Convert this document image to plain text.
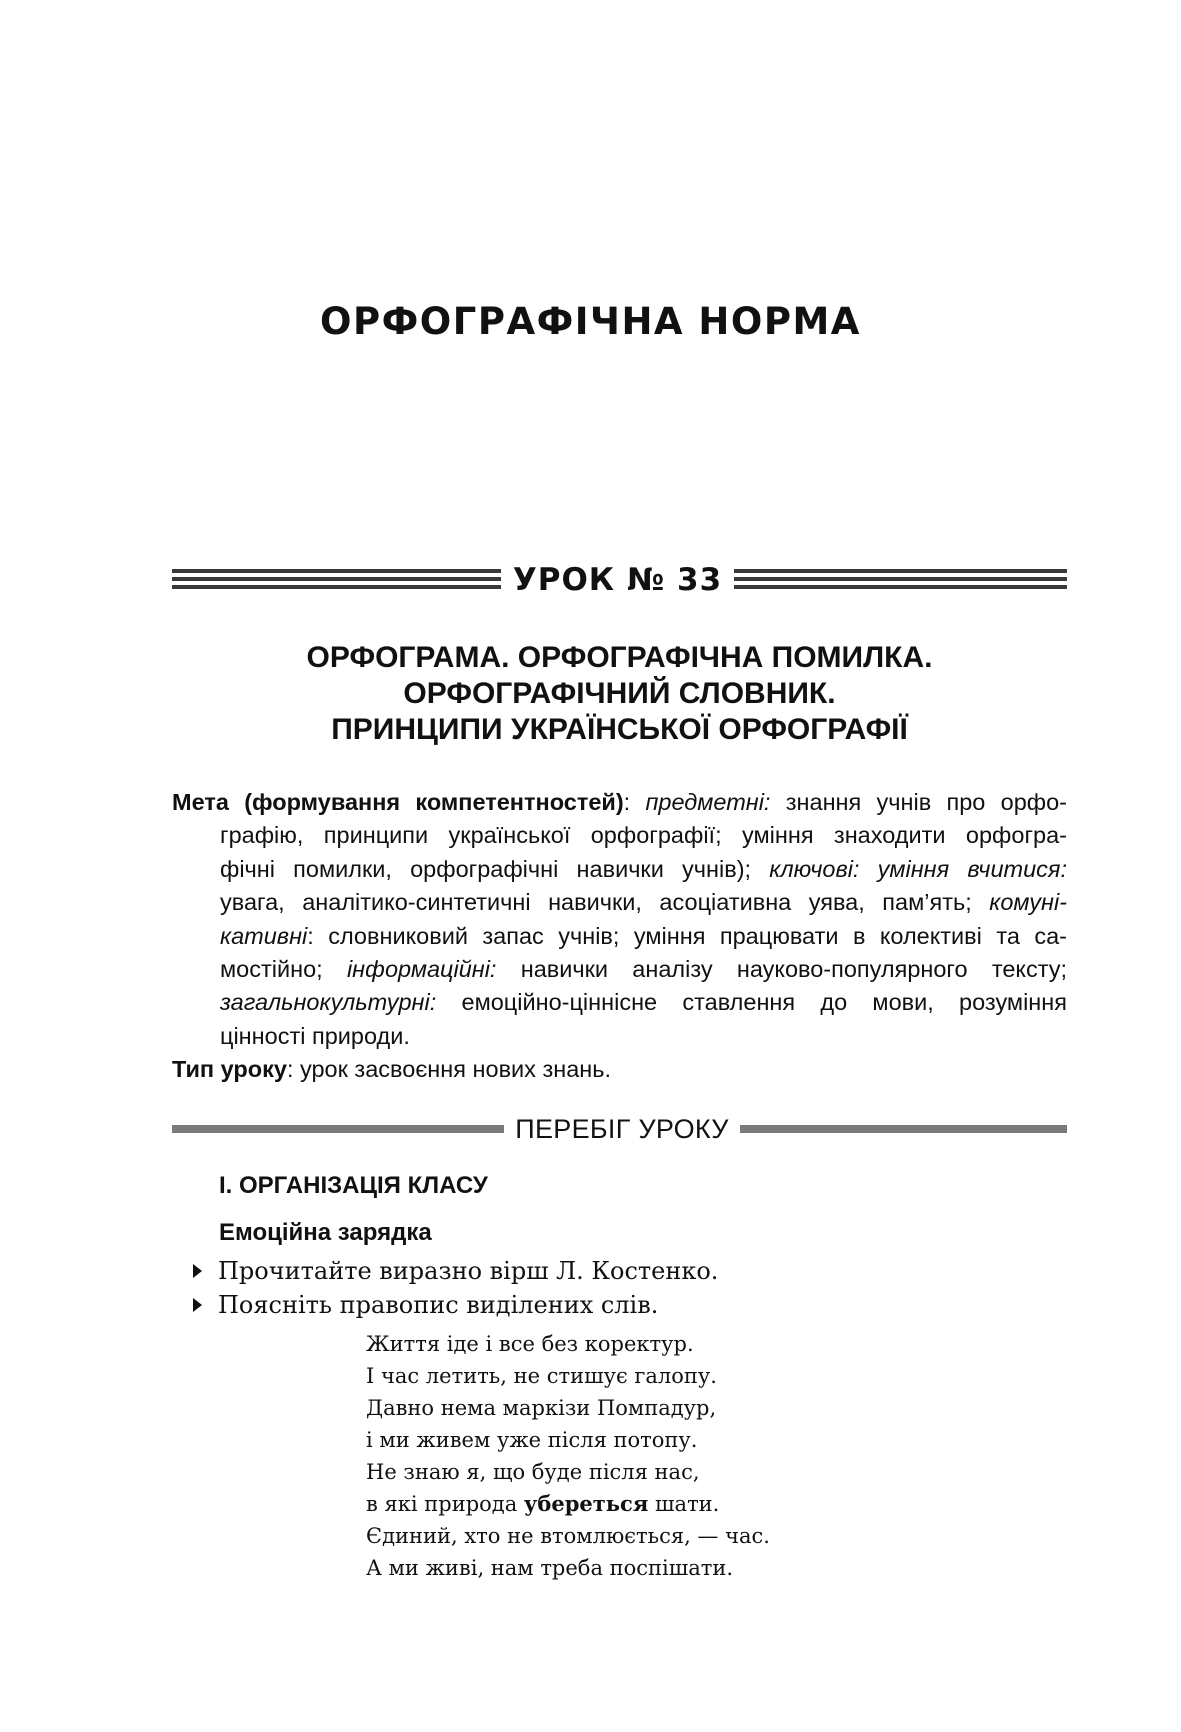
ОРФОГРАФІЧНА НОРМА
УРОК № 33
ОРФОГРАМА. ОРФОГРАФІЧНА ПОМИЛКА.
ОРФОГРАФІЧНИЙ СЛОВНИК.
ПРИНЦИПИ УКРАЇНСЬКОЇ ОРФОГРАФІЇ
Мета (формування компетентностей): предметні: знання учнів про орфо-
графію, принципи української орфографії; уміння знаходити орфогра-
фічні помилки, орфографічні навички учнів); ключові: уміння вчитися:
увага, аналітико-синтетичні навички, асоціативна уява, пам’ять; комуні-
кативні: словниковий запас учнів; уміння працювати в колективі та са-
мостійно; інформаційні: навички аналізу науково-популярного тексту;
загальнокультурні: емоційно-ціннісне ставлення до мови, розуміння
цінності природи.
Тип уроку: урок засвоєння нових знань.
ПЕРЕБІГ УРОКУ
І. ОРГАНІЗАЦІЯ КЛАСУ
Емоційна зарядка
Прочитайте виразно вірш Л. Костенко.
Поясніть правопис виділених слів.
Життя іде і все без коректур.
І час летить, не стишує галопу.
Давно нема маркізи Помпадур,
і ми живем уже після потопу.
Не знаю я, що буде після нас,
в які природа убереться шати.
Єдиний, хто не втомлюється, — час.
А ми живі, нам треба поспішати.
